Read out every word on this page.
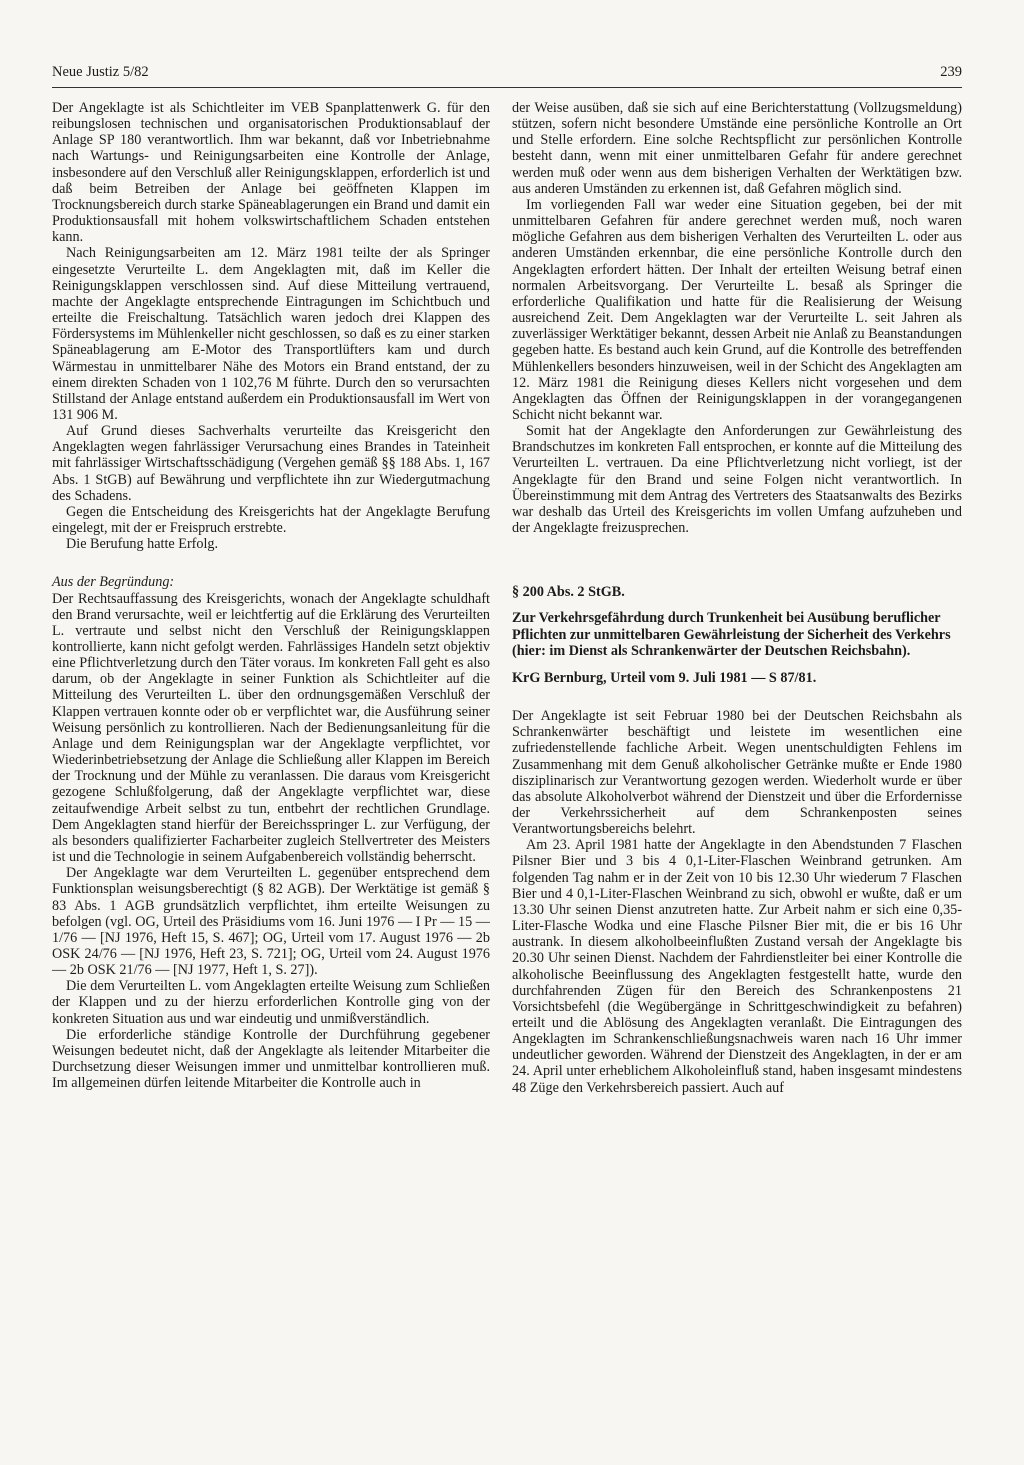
Neue Justiz 5/82	239

Der Angeklagte ist als Schichtleiter im VEB Spanplattenwerk G. für den reibungslosen technischen und organisatorischen Produktionsablauf der Anlage SP 180 verantwortlich. Ihm war bekannt, daß vor Inbetriebnahme nach Wartungs- und Reinigungsarbeiten eine Kontrolle der Anlage, insbesondere auf den Verschluß aller Reinigungsklappen, erforderlich ist und daß beim Betreiben der Anlage bei geöffneten Klappen im Trocknungsbereich durch starke Späneablagerungen ein Brand und damit ein Produktionsausfall mit hohem volkswirtschaftlichem Schaden entstehen kann.

Nach Reinigungsarbeiten am 12. März 1981 teilte der als Springer eingesetzte Verurteilte L. dem Angeklagten mit, daß im Keller die Reinigungsklappen verschlossen sind. Auf diese Mitteilung vertrauend, machte der Angeklagte entsprechende Eintragungen im Schichtbuch und erteilte die Freischaltung. Tatsächlich waren jedoch drei Klappen des Fördersystems im Mühlenkeller nicht geschlossen, so daß es zu einer starken Späneablagerung am E-Motor des Transportlüfters kam und durch Wärmestau in unmittelbarer Nähe des Motors ein Brand entstand, der zu einem direkten Schaden von 1 102,76 M führte. Durch den so verursachten Stillstand der Anlage entstand außerdem ein Produktionsausfall im Wert von 131 906 M.

Auf Grund dieses Sachverhalts verurteilte das Kreisgericht den Angeklagten wegen fahrlässiger Verursachung eines Brandes in Tateinheit mit fahrlässiger Wirtschaftsschädigung (Vergehen gemäß §§ 188 Abs. 1, 167 Abs. 1 StGB) auf Bewährung und verpflichtete ihn zur Wiedergutmachung des Schadens.

Gegen die Entscheidung des Kreisgerichts hat der Angeklagte Berufung eingelegt, mit der er Freispruch erstrebte.

Die Berufung hatte Erfolg.

Aus der Begründung:

Der Rechtsauffassung des Kreisgerichts, wonach der Angeklagte schuldhaft den Brand verursachte, weil er leichtfertig auf die Erklärung des Verurteilten L. vertraute und selbst nicht den Verschluß der Reinigungsklappen kontrollierte, kann nicht gefolgt werden. Fahrlässiges Handeln setzt objektiv eine Pflichtverletzung durch den Täter voraus. Im konkreten Fall geht es also darum, ob der Angeklagte in seiner Funktion als Schichtleiter auf die Mitteilung des Verurteilten L. über den ordnungsgemäßen Verschluß der Klappen vertrauen konnte oder ob er verpflichtet war, die Ausführung seiner Weisung persönlich zu kontrollieren. Nach der Bedienungsanleitung für die Anlage und dem Reinigungsplan war der Angeklagte verpflichtet, vor Wiederinbetriebsetzung der Anlage die Schließung aller Klappen im Bereich der Trocknung und der Mühle zu veranlassen. Die daraus vom Kreisgericht gezogene Schlußfolgerung, daß der Angeklagte verpflichtet war, diese zeitaufwendige Arbeit selbst zu tun, entbehrt der rechtlichen Grundlage. Dem Angeklagten stand hierfür der Bereichsspringer L. zur Verfügung, der als besonders qualifizierter Facharbeiter zugleich Stellvertreter des Meisters ist und die Technologie in seinem Aufgabenbereich vollständig beherrscht.

Der Angeklagte war dem Verurteilten L. gegenüber entsprechend dem Funktionsplan weisungsberechtigt (§ 82 AGB). Der Werktätige ist gemäß § 83 Abs. 1 AGB grundsätzlich verpflichtet, ihm erteilte Weisungen zu befolgen (vgl. OG, Urteil des Präsidiums vom 16. Juni 1976 — I Pr — 15 — 1/76 — [NJ 1976, Heft 15, S. 467]; OG, Urteil vom 17. August 1976 — 2b OSK 24/76 — [NJ 1976, Heft 23, S. 721]; OG, Urteil vom 24. August 1976 — 2b OSK 21/76 — [NJ 1977, Heft 1, S. 27]).

Die dem Verurteilten L. vom Angeklagten erteilte Weisung zum Schließen der Klappen und zu der hierzu erforderlichen Kontrolle ging von der konkreten Situation aus und war eindeutig und unmißverständlich.

Die erforderliche ständige Kontrolle der Durchführung gegebener Weisungen bedeutet nicht, daß der Angeklagte als leitender Mitarbeiter die Durchsetzung dieser Weisungen immer und unmittelbar kontrollieren muß. Im allgemeinen dürfen leitende Mitarbeiter die Kontrolle auch in

der Weise ausüben, daß sie sich auf eine Berichterstattung (Vollzugsmeldung) stützen, sofern nicht besondere Umstände eine persönliche Kontrolle an Ort und Stelle erfordern. Eine solche Rechtspflicht zur persönlichen Kontrolle besteht dann, wenn mit einer unmittelbaren Gefahr für andere gerechnet werden muß oder wenn aus dem bisherigen Verhalten der Werktätigen bzw. aus anderen Umständen zu erkennen ist, daß Gefahren möglich sind.

Im vorliegenden Fall war weder eine Situation gegeben, bei der mit unmittelbaren Gefahren für andere gerechnet werden muß, noch waren mögliche Gefahren aus dem bisherigen Verhalten des Verurteilten L. oder aus anderen Umständen erkennbar, die eine persönliche Kontrolle durch den Angeklagten erfordert hätten. Der Inhalt der erteilten Weisung betraf einen normalen Arbeitsvorgang. Der Verurteilte L. besaß als Springer die erforderliche Qualifikation und hatte für die Realisierung der Weisung ausreichend Zeit. Dem Angeklagten war der Verurteilte L. seit Jahren als zuverlässiger Werktätiger bekannt, dessen Arbeit nie Anlaß zu Beanstandungen gegeben hatte. Es bestand auch kein Grund, auf die Kontrolle des betreffenden Mühlenkellers besonders hinzuweisen, weil in der Schicht des Angeklagten am 12. März 1981 die Reinigung dieses Kellers nicht vorgesehen und dem Angeklagten das Öffnen der Reinigungsklappen in der vorangegangenen Schicht nicht bekannt war.

Somit hat der Angeklagte den Anforderungen zur Gewährleistung des Brandschutzes im konkreten Fall entsprochen, er konnte auf die Mitteilung des Verurteilten L. vertrauen. Da eine Pflichtverletzung nicht vorliegt, ist der Angeklagte für den Brand und seine Folgen nicht verantwortlich. In Übereinstimmung mit dem Antrag des Vertreters des Staatsanwalts des Bezirks war deshalb das Urteil des Kreisgerichts im vollen Umfang aufzuheben und der Angeklagte freizusprechen.

§ 200 Abs. 2 StGB.

Zur Verkehrsgefährdung durch Trunkenheit bei Ausübung beruflicher Pflichten zur unmittelbaren Gewährleistung der Sicherheit des Verkehrs (hier: im Dienst als Schrankenwärter der Deutschen Reichsbahn).

KrG Bernburg, Urteil vom 9. Juli 1981 — S 87/81.

Der Angeklagte ist seit Februar 1980 bei der Deutschen Reichsbahn als Schrankenwärter beschäftigt und leistete im wesentlichen eine zufriedenstellende fachliche Arbeit. Wegen unentschuldigten Fehlens im Zusammenhang mit dem Genuß alkoholischer Getränke mußte er Ende 1980 disziplinarisch zur Verantwortung gezogen werden. Wiederholt wurde er über das absolute Alkoholverbot während der Dienstzeit und über die Erfordernisse der Verkehrssicherheit auf dem Schrankenposten seines Verantwortungsbereichs belehrt.

Am 23. April 1981 hatte der Angeklagte in den Abendstunden 7 Flaschen Pilsner Bier und 3 bis 4 0,1-Liter-Flaschen Weinbrand getrunken. Am folgenden Tag nahm er in der Zeit von 10 bis 12.30 Uhr wiederum 7 Flaschen Bier und 4 0,1-Liter-Flaschen Weinbrand zu sich, obwohl er wußte, daß er um 13.30 Uhr seinen Dienst anzutreten hatte. Zur Arbeit nahm er sich eine 0,35-Liter-Flasche Wodka und eine Flasche Pilsner Bier mit, die er bis 16 Uhr austrank. In diesem alkoholbeeinflußten Zustand versah der Angeklagte bis 20.30 Uhr seinen Dienst. Nachdem der Fahrdienstleiter bei einer Kontrolle die alkoholische Beeinflussung des Angeklagten festgestellt hatte, wurde den durchfahrenden Zügen für den Bereich des Schrankenpostens 21 Vorsichtsbefehl (die Wegübergänge in Schrittgeschwindigkeit zu befahren) erteilt und die Ablösung des Angeklagten veranlaßt. Die Eintragungen des Angeklagten im Schrankenschließungsnachweis waren nach 16 Uhr immer undeutlicher geworden. Während der Dienstzeit des Angeklagten, in der er am 24. April unter erheblichem Alkoholeinfluß stand, haben insgesamt mindestens 48 Züge den Verkehrsbereich passiert. Auch auf
